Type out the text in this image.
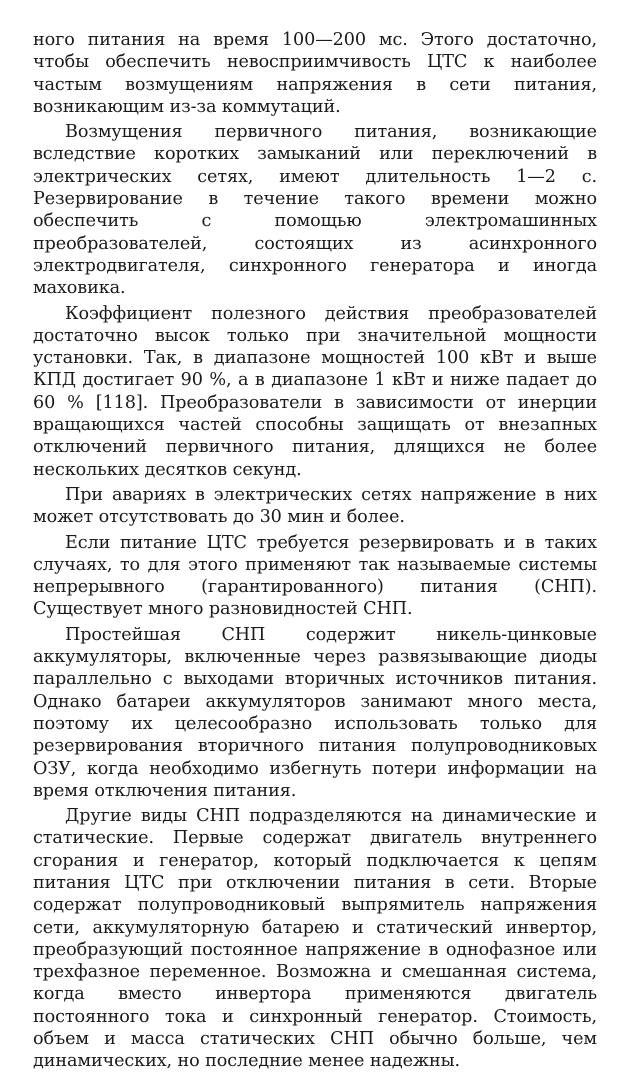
ного питания на время 100—200 мс. Этого достаточно, чтобы обеспечить невосприимчивость ЦТС к наиболее частым возмущениям напряжения в сети питания, возникающим из-за коммутаций.

Возмущения первичного питания, возникающие вследствие коротких замыканий или переключений в электрических сетях, имеют длительность 1—2 с. Резервирование в течение такого времени можно обеспечить с помощью электромашинных преобразователей, состоящих из асинхронного электродвигателя, синхронного генератора и иногда маховика.

Коэффициент полезного действия преобразователей достаточно высок только при значительной мощности установки. Так, в диапазоне мощностей 100 кВт и выше КПД достигает 90 %, а в диапазоне 1 кВт и ниже падает до 60 % [118]. Преобразователи в зависимости от инерции вращающихся частей способны защищать от внезапных отключений первичного питания, длящихся не более нескольких десятков секунд.

При авариях в электрических сетях напряжение в них может отсутствовать до 30 мин и более.

Если питание ЦТС требуется резервировать и в таких случаях, то для этого применяют так называемые системы непрерывного (гарантированного) питания (СНП). Существует много разновидностей СНП.

Простейшая СНП содержит никель-цинковые аккумуляторы, включенные через развязывающие диоды параллельно с выходами вторичных источников питания. Однако батареи аккумуляторов занимают много места, поэтому их целесообразно использовать только для резервирования вторичного питания полупроводниковых ОЗУ, когда необходимо избегнуть потери информации на время отключения питания.

Другие виды СНП подразделяются на динамические и статические. Первые содержат двигатель внутреннего сгорания и генератор, который подключается к цепям питания ЦТС при отключении питания в сети. Вторые содержат полупроводниковый выпрямитель напряжения сети, аккумуляторную батарею и статический инвертор, преобразующий постоянное напряжение в однофазное или трехфазное переменное. Возможна и смешанная система, когда вместо инвертора применяются двигатель постоянного тока и синхронный генератор. Стоимость, объем и масса статических СНП обычно больше, чем динамических, но последние менее надежны.
